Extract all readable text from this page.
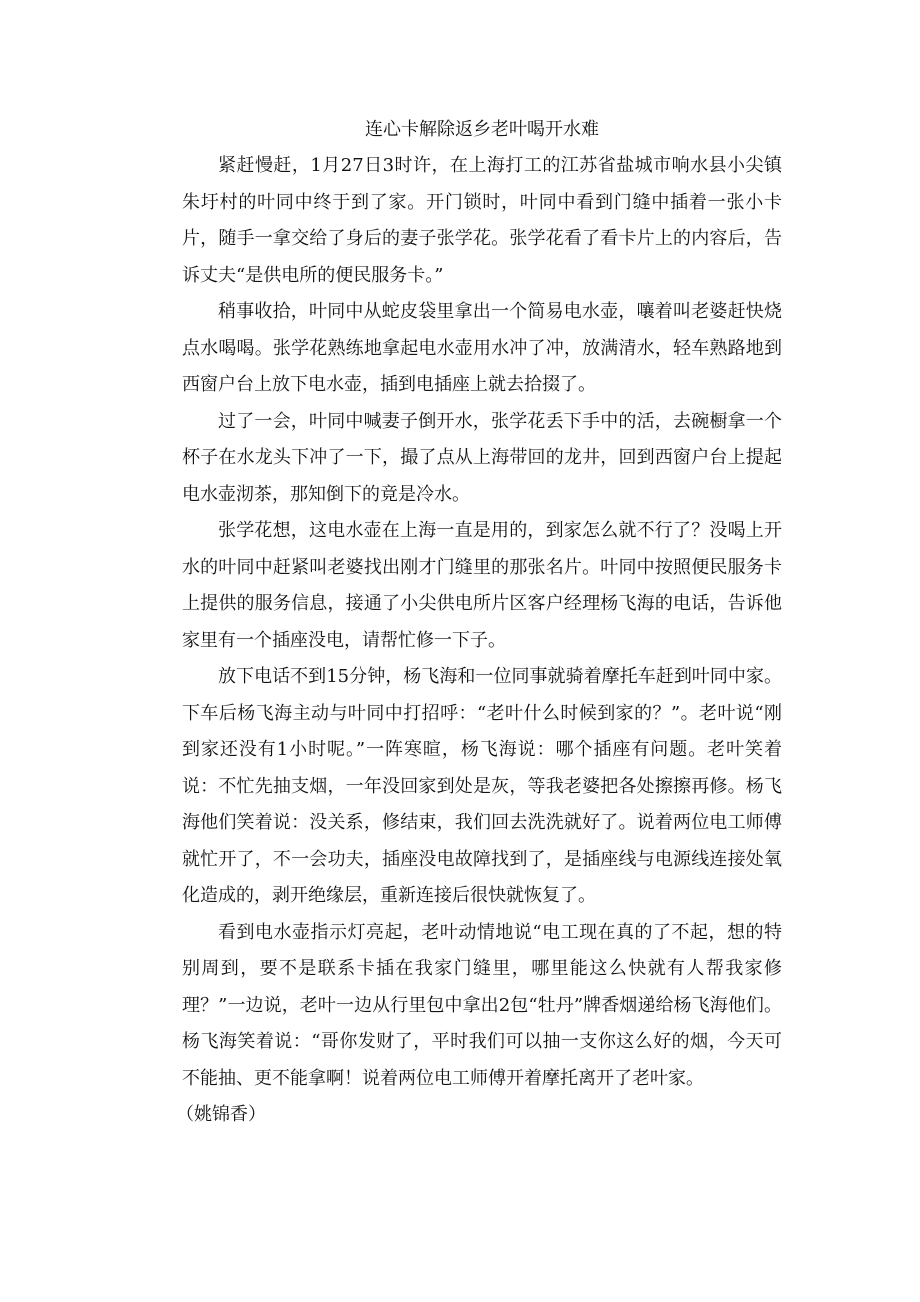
连心卡解除返乡老叶喝开水难

紧赶慢赶，1月27日3时许，在上海打工的江苏省盐城市响水县小尖镇朱圩村的叶同中终于到了家。开门锁时，叶同中看到门缝中插着一张小卡片，随手一拿交给了身后的妻子张学花。张学花看了看卡片上的内容后，告诉丈夫“是供电所的便民服务卡。”

稍事收拾，叶同中从蛇皮袋里拿出一个简易电水壶，嚷着叫老婆赶快烧点水喝喝。张学花熟练地拿起电水壶用水冲了冲，放满清水，轻车熟路地到西窗户台上放下电水壶，插到电插座上就去拾掇了。

过了一会，叶同中喊妻子倒开水，张学花丢下手中的活，去碗橱拿一个杯子在水龙头下冲了一下，撮了点从上海带回的龙井，回到西窗户台上提起电水壶沏茶，那知倒下的竟是冷水。

张学花想，这电水壶在上海一直是用的，到家怎么就不行了？没喝上开水的叶同中赶紧叫老婆找出刚才门缝里的那张名片。叶同中按照便民服务卡上提供的服务信息，接通了小尖供电所片区客户经理杨飞海的电话，告诉他家里有一个插座没电，请帮忙修一下子。

放下电话不到15分钟，杨飞海和一位同事就骑着摩托车赶到叶同中家。下车后杨飞海主动与叶同中打招呼：“老叶什么时候到家的？”。老叶说“刚到家还没有1小时呢。”一阵寒暄，杨飞海说：哪个插座有问题。老叶笑着说：不忙先抽支烟，一年没回家到处是灰，等我老婆把各处擦擦再修。杨飞海他们笑着说：没关系，修结束，我们回去洗洗就好了。说着两位电工师傅就忙开了，不一会功夫，插座没电故障找到了，是插座线与电源线连接处氧化造成的，剥开绝缘层，重新连接后很快就恢复了。

看到电水壶指示灯亮起，老叶动情地说“电工现在真的了不起，想的特别周到，要不是联系卡插在我家门缝里，哪里能这么快就有人帮我家修理？”一边说，老叶一边从行里包中拿出2包“牡丹”牌香烟递给杨飞海他们。杨飞海笑着说：“哥你发财了，平时我们可以抽一支你这么好的烟，今天可不能抽、更不能拿啊！说着两位电工师傅开着摩托离开了老叶家。

（姚锦香）
